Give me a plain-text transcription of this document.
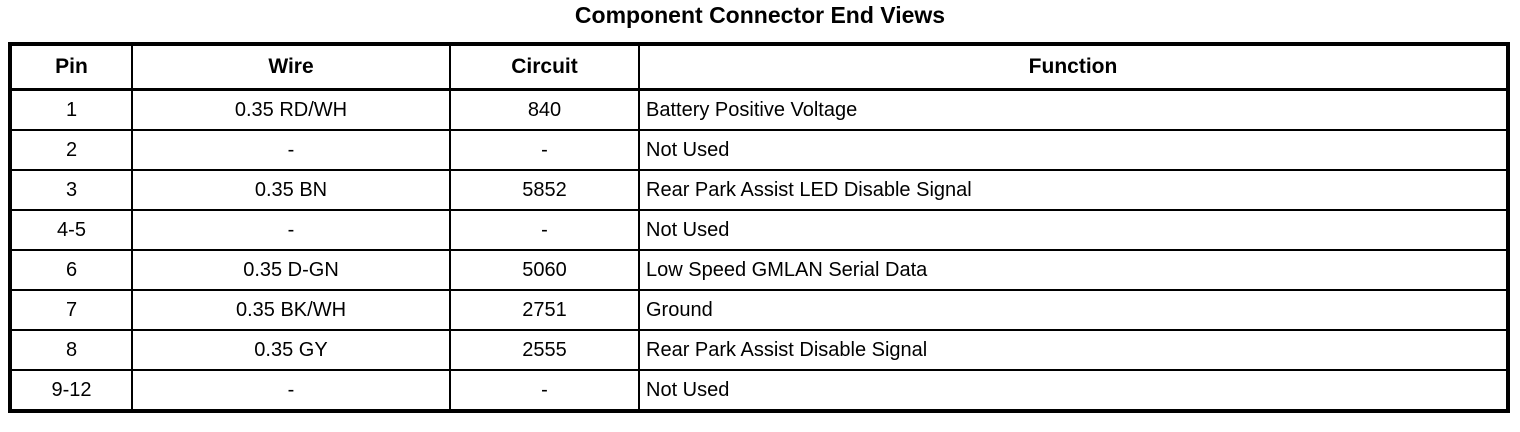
Component Connector End Views
Pin	Wire	Circuit	Function
1	0.35 RD/WH	840	Battery Positive Voltage
2	-	-	Not Used
3	0.35 BN	5852	Rear Park Assist LED Disable Signal
4-5	-	-	Not Used
6	0.35 D-GN	5060	Low Speed GMLAN Serial Data
7	0.35 BK/WH	2751	Ground
8	0.35 GY	2555	Rear Park Assist Disable Signal
9-12	-	-	Not Used
